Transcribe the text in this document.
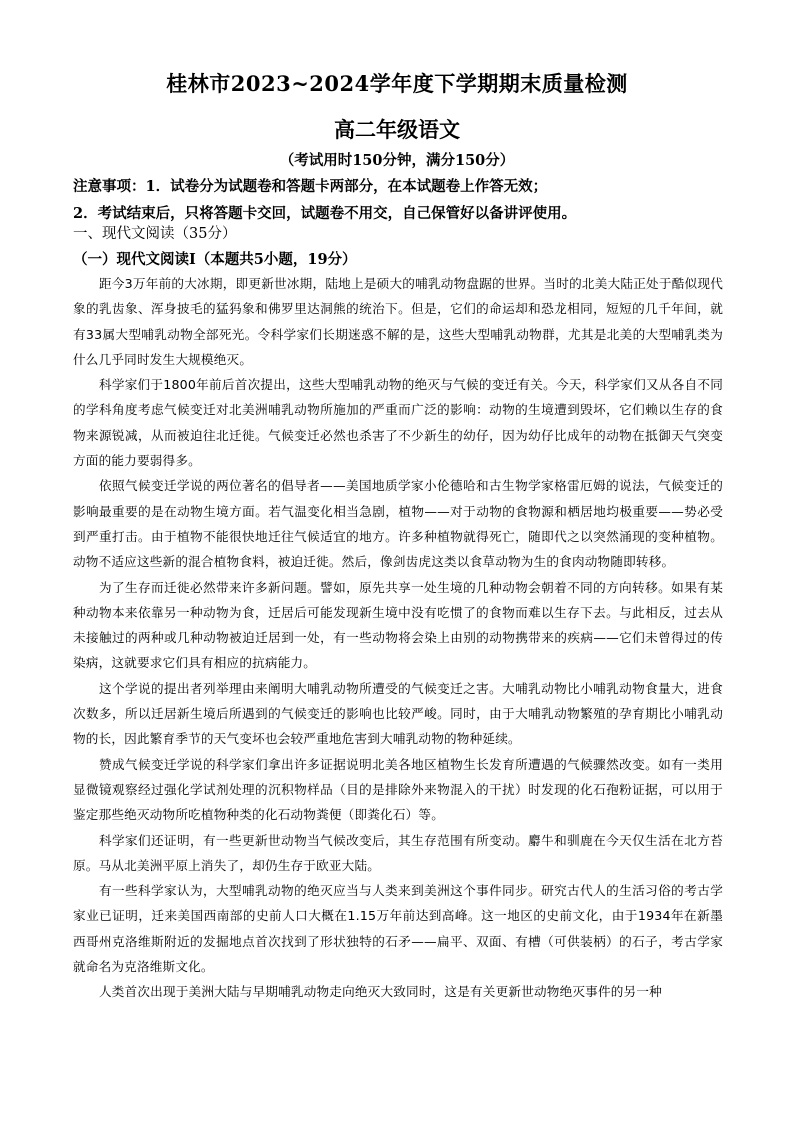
桂林市2023~2024学年度下学期期末质量检测
高二年级语文
（考试用时150分钟，满分150分）
注意事项：1．试卷分为试题卷和答题卡两部分，在本试题卷上作答无效；
2．考试结束后，只将答题卡交回，试题卷不用交，自己保管好以备讲评使用。
一、现代文阅读（35分）
（一）现代文阅读Ⅰ（本题共5小题，19分）

距今3万年前的大冰期，即更新世冰期，陆地上是硕大的哺乳动物盘踞的世界。当时的北美大陆正处于酷似现代象的乳齿象、浑身披毛的猛犸象和佛罗里达洞熊的统治下。但是，它们的命运却和恐龙相同，短短的几千年间，就有33属大型哺乳动物全部死光。令科学家们长期迷惑不解的是，这些大型哺乳动物群，尤其是北美的大型哺乳类为什么几乎同时发生大规模绝灭。

科学家们于1800年前后首次提出，这些大型哺乳动物的绝灭与气候的变迁有关。今天，科学家们又从各自不同的学科角度考虑气候变迁对北美洲哺乳动物所施加的严重而广泛的影响：动物的生境遭到毁坏，它们赖以生存的食物来源锐减，从而被迫往北迁徙。气候变迁必然也杀害了不少新生的幼仔，因为幼仔比成年的动物在抵御天气突变方面的能力要弱得多。

依照气候变迁学说的两位著名的倡导者——美国地质学家小伦德哈和古生物学家格雷厄姆的说法，气候变迁的影响最重要的是在动物生境方面。若气温变化相当急剧，植物——对于动物的食物源和栖居地均极重要——势必受到严重打击。由于植物不能很快地迁往气候适宜的地方。许多种植物就得死亡，随即代之以突然涌现的变种植物。动物不适应这些新的混合植物食料，被迫迁徙。然后，像剑齿虎这类以食草动物为生的食肉动物随即转移。

为了生存而迁徙必然带来许多新问题。譬如，原先共享一处生境的几种动物会朝着不同的方向转移。如果有某种动物本来依靠另一种动物为食，迁居后可能发现新生境中没有吃惯了的食物而难以生存下去。与此相反，过去从未接触过的两种或几种动物被迫迁居到一处，有一些动物将会染上由别的动物携带来的疾病——它们未曾得过的传染病，这就要求它们具有相应的抗病能力。

这个学说的提出者列举理由来阐明大哺乳动物所遭受的气候变迁之害。大哺乳动物比小哺乳动物食量大，进食次数多，所以迁居新生境后所遇到的气候变迁的影响也比较严峻。同时，由于大哺乳动物繁殖的孕育期比小哺乳动物的长，因此繁育季节的天气变坏也会较严重地危害到大哺乳动物的物种延续。

赞成气候变迁学说的科学家们拿出许多证据说明北美各地区植物生长发育所遭遇的气候骤然改变。如有一类用显微镜观察经过强化学试剂处理的沉积物样品（目的是排除外来物混入的干扰）时发现的化石孢粉证据，可以用于鉴定那些绝灭动物所吃植物种类的化石动物粪便（即粪化石）等。

科学家们还证明，有一些更新世动物当气候改变后，其生存范围有所变动。麝牛和驯鹿在今天仅生活在北方苔原。马从北美洲平原上消失了，却仍生存于欧亚大陆。

有一些科学家认为，大型哺乳动物的绝灭应当与人类来到美洲这个事件同步。研究古代人的生活习俗的考古学家业已证明，迁来美国西南部的史前人口大概在1.15万年前达到高峰。这一地区的史前文化，由于1934年在新墨西哥州克洛维斯附近的发掘地点首次找到了形状独特的石矛——扁平、双面、有槽（可供装柄）的石子，考古学家就命名为克洛维斯文化。

人类首次出现于美洲大陆与早期哺乳动物走向绝灭大致同时，这是有关更新世动物绝灭事件的另一种
